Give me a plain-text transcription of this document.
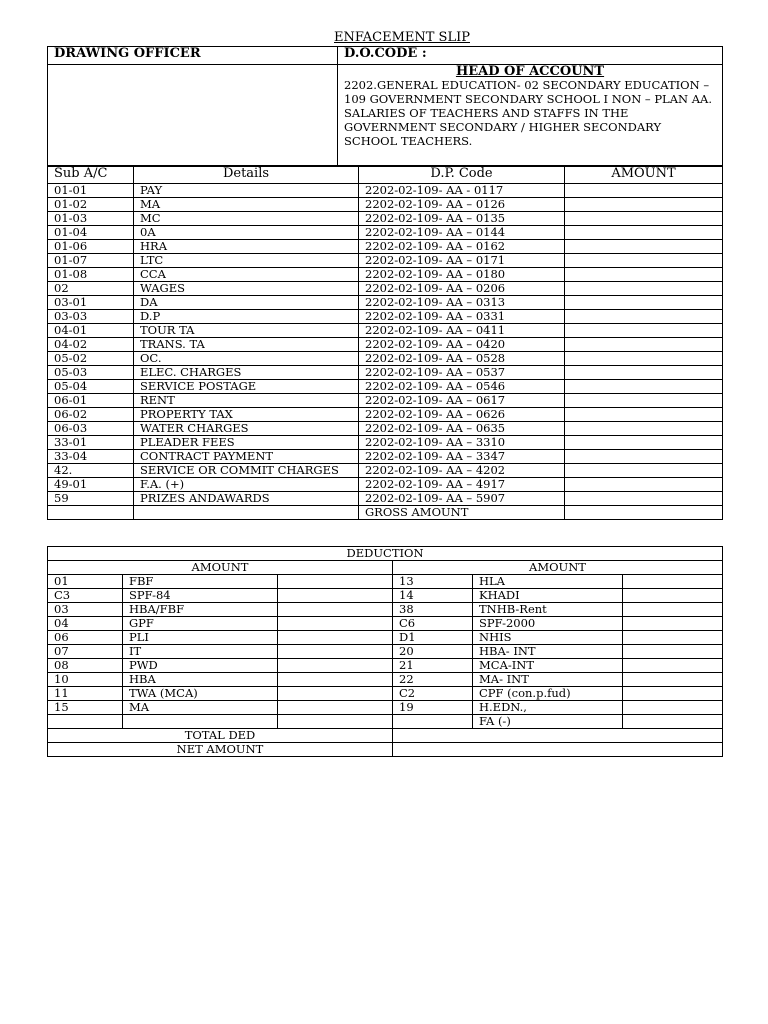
ENFACEMENT SLIP
DRAWING OFFICER	D.O.CODE :

	HEAD OF ACCOUNT
2202.GENERAL EDUCATION- 02 SECONDARY EDUCATION – 109 GOVERNMENT SECONDARY SCHOOL I NON – PLAN AA. SALARIES OF TEACHERS AND STAFFS IN THE GOVERNMENT SECONDARY / HIGHER SECONDARY SCHOOL TEACHERS.
Sub A/C	Details	D.P. Code	AMOUNT
01-01	PAY	2202-02-109- AA - 0117	
01-02	MA	2202-02-109- AA – 0126	
01-03	MC	2202-02-109- AA – 0135	
01-04	0A	2202-02-109- AA – 0144	
01-06	HRA	2202-02-109- AA – 0162	
01-07	LTC	2202-02-109- AA – 0171	
01-08	CCA	2202-02-109- AA – 0180	
02	WAGES	2202-02-109- AA – 0206	
03-01	DA	2202-02-109- AA – 0313	
03-03	D.P	2202-02-109- AA – 0331	
04-01	TOUR TA	2202-02-109- AA – 0411	
04-02	TRANS. TA	2202-02-109- AA – 0420	
05-02	OC.	2202-02-109- AA – 0528	
05-03	ELEC. CHARGES	2202-02-109- AA – 0537	
05-04	SERVICE POSTAGE	2202-02-109- AA – 0546	
06-01	RENT	2202-02-109- AA – 0617	
06-02	PROPERTY TAX	2202-02-109- AA – 0626	
06-03	WATER CHARGES	2202-02-109- AA – 0635	
33-01	PLEADER FEES	2202-02-109- AA – 3310	
33-04	CONTRACT PAYMENT	2202-02-109- AA – 3347	
42.	SERVICE OR COMMIT CHARGES	2202-02-109- AA – 4202	
49-01	F.A. (+)	2202-02-109- AA – 4917	
59	PRIZES ANDAWARDS	2202-02-109- AA – 5907	
		GROSS AMOUNT	
DEDUCTION					
AMOUNT			AMOUNT		
01	FBF		13	HLA	
C3	SPF-84		14	KHADI	
03	HBA/FBF		38	TNHB-Rent	
04	GPF		C6	SPF-2000	
06	PLI		D1	NHIS	
07	IT		20	HBA- INT	
08	PWD		21	MCA-INT	
10	HBA		22	MA- INT	
11	TWA (MCA)		C2	CPF (con.p.fud)	
15	MA		19	H.EDN.,	
				FA (-)	
TOTAL DED					
NET AMOUNT					
